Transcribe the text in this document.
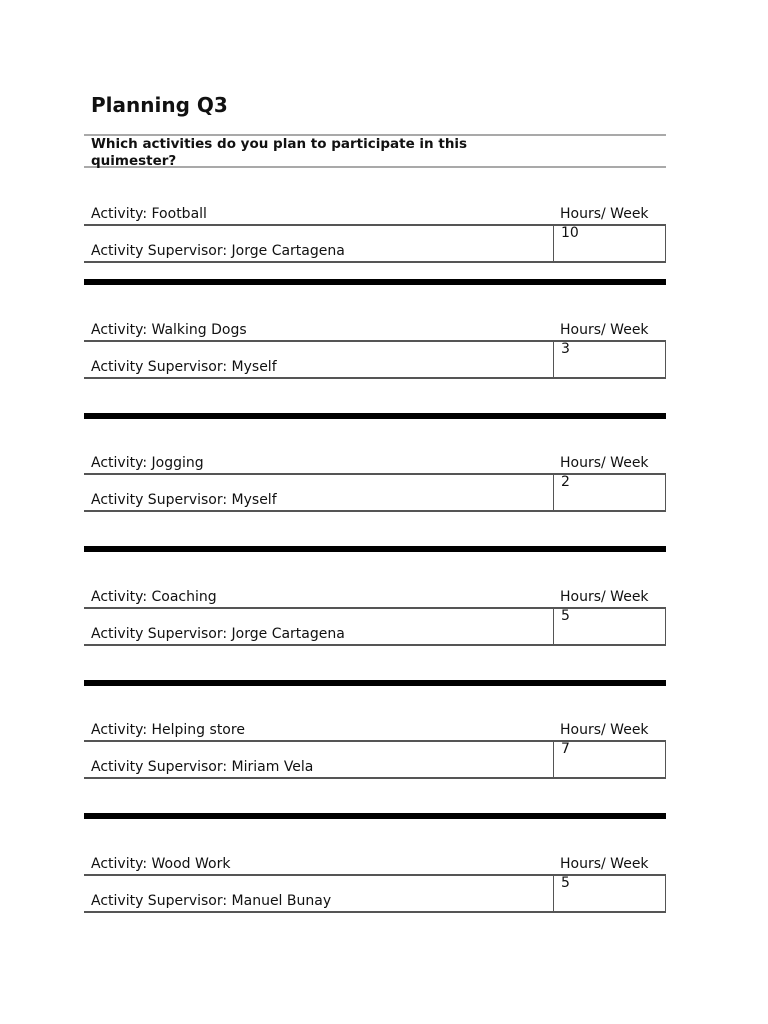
Planning Q3
Which activities do you plan to participate in this quimester?
Activity: Football	Hours/ Week
10
Activity Supervisor: Jorge Cartagena
Activity: Walking Dogs	Hours/ Week
3
Activity Supervisor: Myself
Activity: Jogging	Hours/ Week
2
Activity Supervisor: Myself
Activity: Coaching	Hours/ Week
5
Activity Supervisor: Jorge Cartagena
Activity: Helping store	Hours/ Week
7
Activity Supervisor: Miriam Vela
Activity: Wood Work	Hours/ Week
5
Activity Supervisor: Manuel Bunay
